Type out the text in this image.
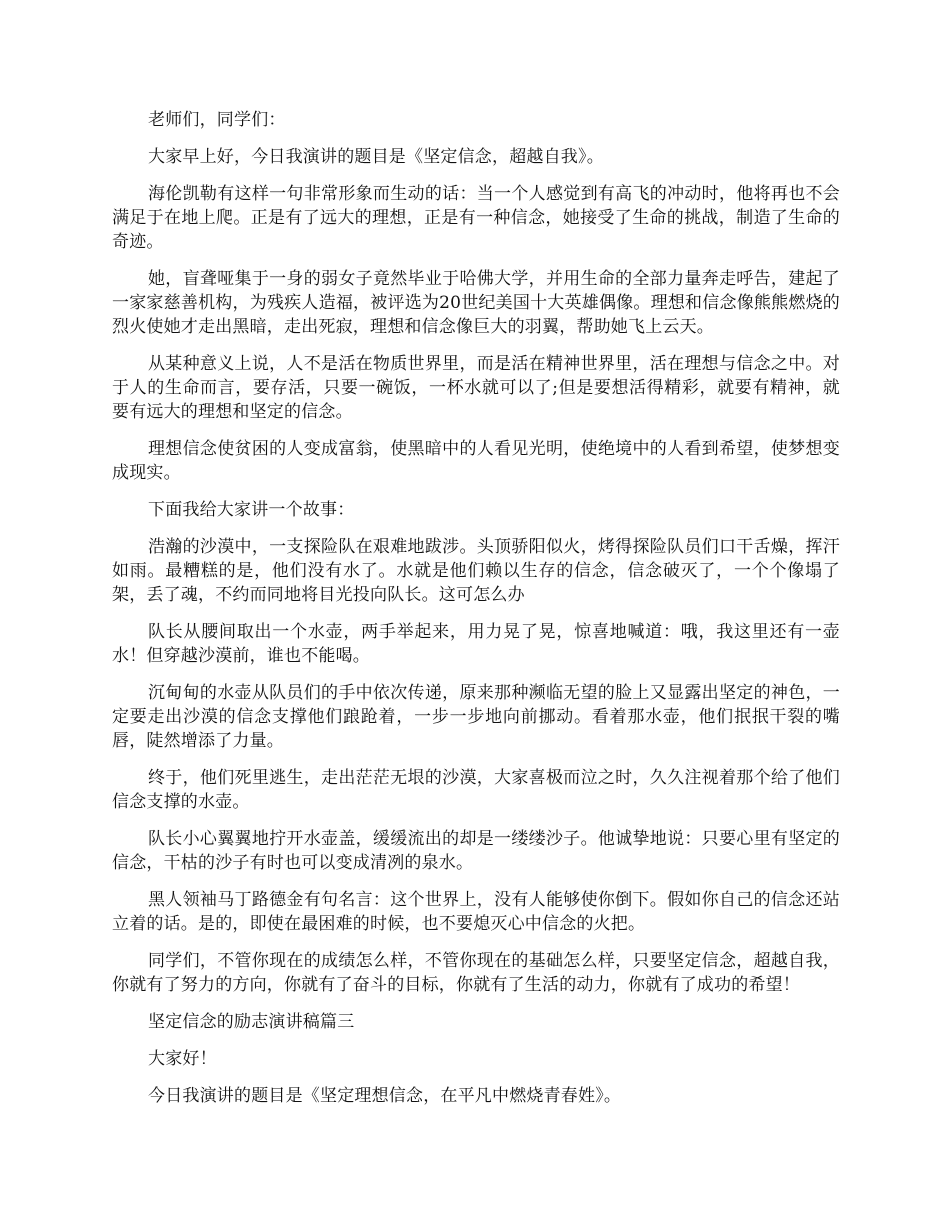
老师们，同学们：

大家早上好，今日我演讲的题目是《坚定信念，超越自我》。

海伦凯勒有这样一句非常形象而生动的话：当一个人感觉到有高飞的冲动时，他将再也不会满足于在地上爬。正是有了远大的理想，正是有一种信念，她接受了生命的挑战，制造了生命的奇迹。

她，盲聋哑集于一身的弱女子竟然毕业于哈佛大学，并用生命的全部力量奔走呼告，建起了一家家慈善机构，为残疾人造福，被评选为20世纪美国十大英雄偶像。理想和信念像熊熊燃烧的烈火使她才走出黑暗，走出死寂，理想和信念像巨大的羽翼，帮助她飞上云天。

从某种意义上说，人不是活在物质世界里，而是活在精神世界里，活在理想与信念之中。对于人的生命而言，要存活，只要一碗饭，一杯水就可以了;但是要想活得精彩，就要有精神，就要有远大的理想和坚定的信念。

理想信念使贫困的人变成富翁，使黑暗中的人看见光明，使绝境中的人看到希望，使梦想变成现实。

下面我给大家讲一个故事：

浩瀚的沙漠中，一支探险队在艰难地跋涉。头顶骄阳似火，烤得探险队员们口干舌燥，挥汗如雨。最糟糕的是，他们没有水了。水就是他们赖以生存的信念，信念破灭了，一个个像塌了架，丢了魂，不约而同地将目光投向队长。这可怎么办

队长从腰间取出一个水壶，两手举起来，用力晃了晃，惊喜地喊道：哦，我这里还有一壶水！但穿越沙漠前，谁也不能喝。

沉甸甸的水壶从队员们的手中依次传递，原来那种濒临无望的脸上又显露出坚定的神色，一定要走出沙漠的信念支撑他们踉跄着，一步一步地向前挪动。看着那水壶，他们抿抿干裂的嘴唇，陡然增添了力量。

终于，他们死里逃生，走出茫茫无垠的沙漠，大家喜极而泣之时，久久注视着那个给了他们信念支撑的水壶。

队长小心翼翼地拧开水壶盖，缓缓流出的却是一缕缕沙子。他诚挚地说：只要心里有坚定的信念，干枯的沙子有时也可以变成清冽的泉水。

黑人领袖马丁路德金有句名言：这个世界上，没有人能够使你倒下。假如你自己的信念还站立着的话。是的，即使在最困难的时候，也不要熄灭心中信念的火把。

同学们，不管你现在的成绩怎么样，不管你现在的基础怎么样，只要坚定信念，超越自我，你就有了努力的方向，你就有了奋斗的目标，你就有了生活的动力，你就有了成功的希望！

坚定信念的励志演讲稿篇三

大家好！

今日我演讲的题目是《坚定理想信念，在平凡中燃烧青春姓》。
